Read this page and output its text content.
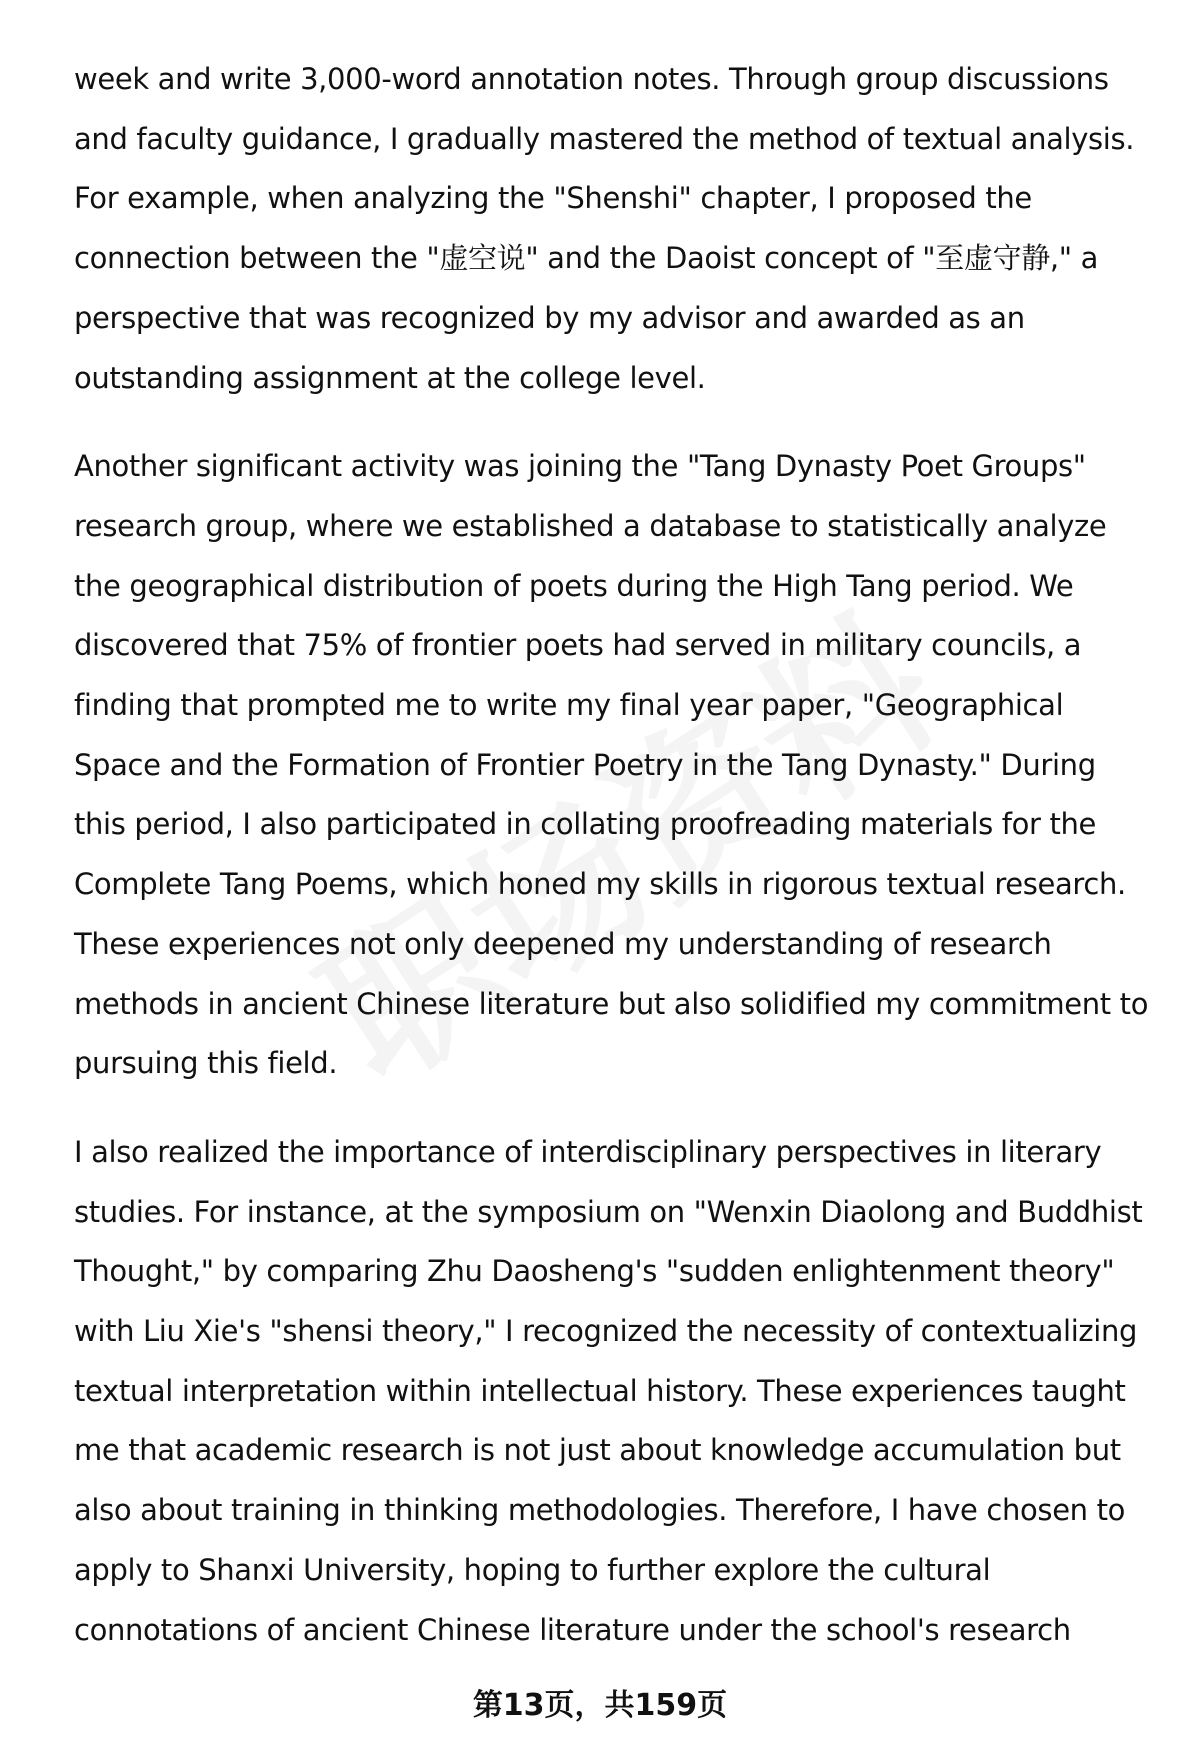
week and write 3,000-word annotation notes. Through group discussions and faculty guidance, I gradually mastered the method of textual analysis. For example, when analyzing the "Shenshi" chapter, I proposed the connection between the "虚空说" and the Daoist concept of "至虚守静," a perspective that was recognized by my advisor and awarded as an outstanding assignment at the college level.

Another significant activity was joining the "Tang Dynasty Poet Groups" research group, where we established a database to statistically analyze the geographical distribution of poets during the High Tang period. We discovered that 75% of frontier poets had served in military councils, a finding that prompted me to write my final year paper, "Geographical Space and the Formation of Frontier Poetry in the Tang Dynasty." During this period, I also participated in collating proofreading materials for the Complete Tang Poems, which honed my skills in rigorous textual research. These experiences not only deepened my understanding of research methods in ancient Chinese literature but also solidified my commitment to pursuing this field.

I also realized the importance of interdisciplinary perspectives in literary studies. For instance, at the symposium on "Wenxin Diaolong and Buddhist Thought," by comparing Zhu Daosheng's "sudden enlightenment theory" with Liu Xie's "shensi theory," I recognized the necessity of contextualizing textual interpretation within intellectual history. These experiences taught me that academic research is not just about knowledge accumulation but also about training in thinking methodologies. Therefore, I have chosen to apply to Shanxi University, hoping to further explore the cultural connotations of ancient Chinese literature under the school's research

第13页，共159页
